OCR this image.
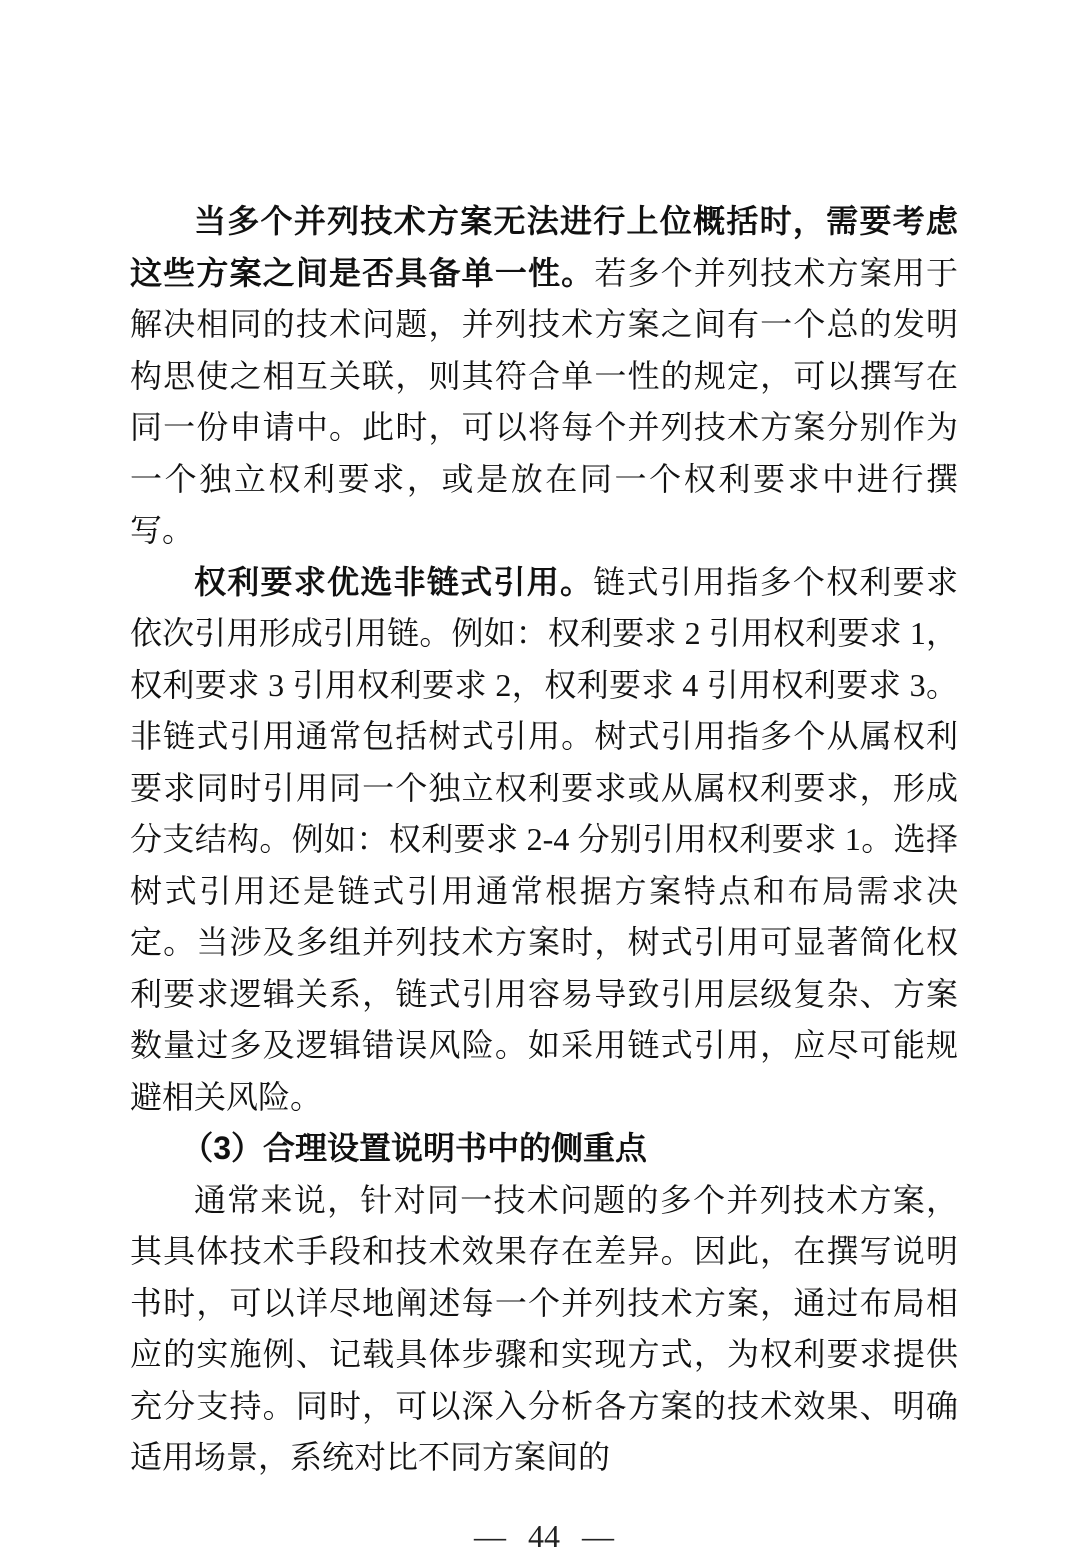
当多个并列技术方案无法进行上位概括时，需要考虑这些方案之间是否具备单一性。若多个并列技术方案用于解决相同的技术问题，并列技术方案之间有一个总的发明构思使之相互关联，则其符合单一性的规定，可以撰写在同一份申请中。此时，可以将每个并列技术方案分别作为一个独立权利要求，或是放在同一个权利要求中进行撰写。

权利要求优选非链式引用。链式引用指多个权利要求依次引用形成引用链。例如：权利要求 2 引用权利要求 1，权利要求 3 引用权利要求 2，权利要求 4 引用权利要求 3。非链式引用通常包括树式引用。树式引用指多个从属权利要求同时引用同一个独立权利要求或从属权利要求，形成分支结构。例如：权利要求 2-4 分别引用权利要求 1。选择树式引用还是链式引用通常根据方案特点和布局需求决定。当涉及多组并列技术方案时，树式引用可显著简化权利要求逻辑关系，链式引用容易导致引用层级复杂、方案数量过多及逻辑错误风险。如采用链式引用，应尽可能规避相关风险。

（3）合理设置说明书中的侧重点

通常来说，针对同一技术问题的多个并列技术方案，其具体技术手段和技术效果存在差异。因此，在撰写说明书时，可以详尽地阐述每一个并列技术方案，通过布局相应的实施例、记载具体步骤和实现方式，为权利要求提供充分支持。同时，可以深入分析各方案的技术效果、明确适用场景，系统对比不同方案间的

— 44 —
